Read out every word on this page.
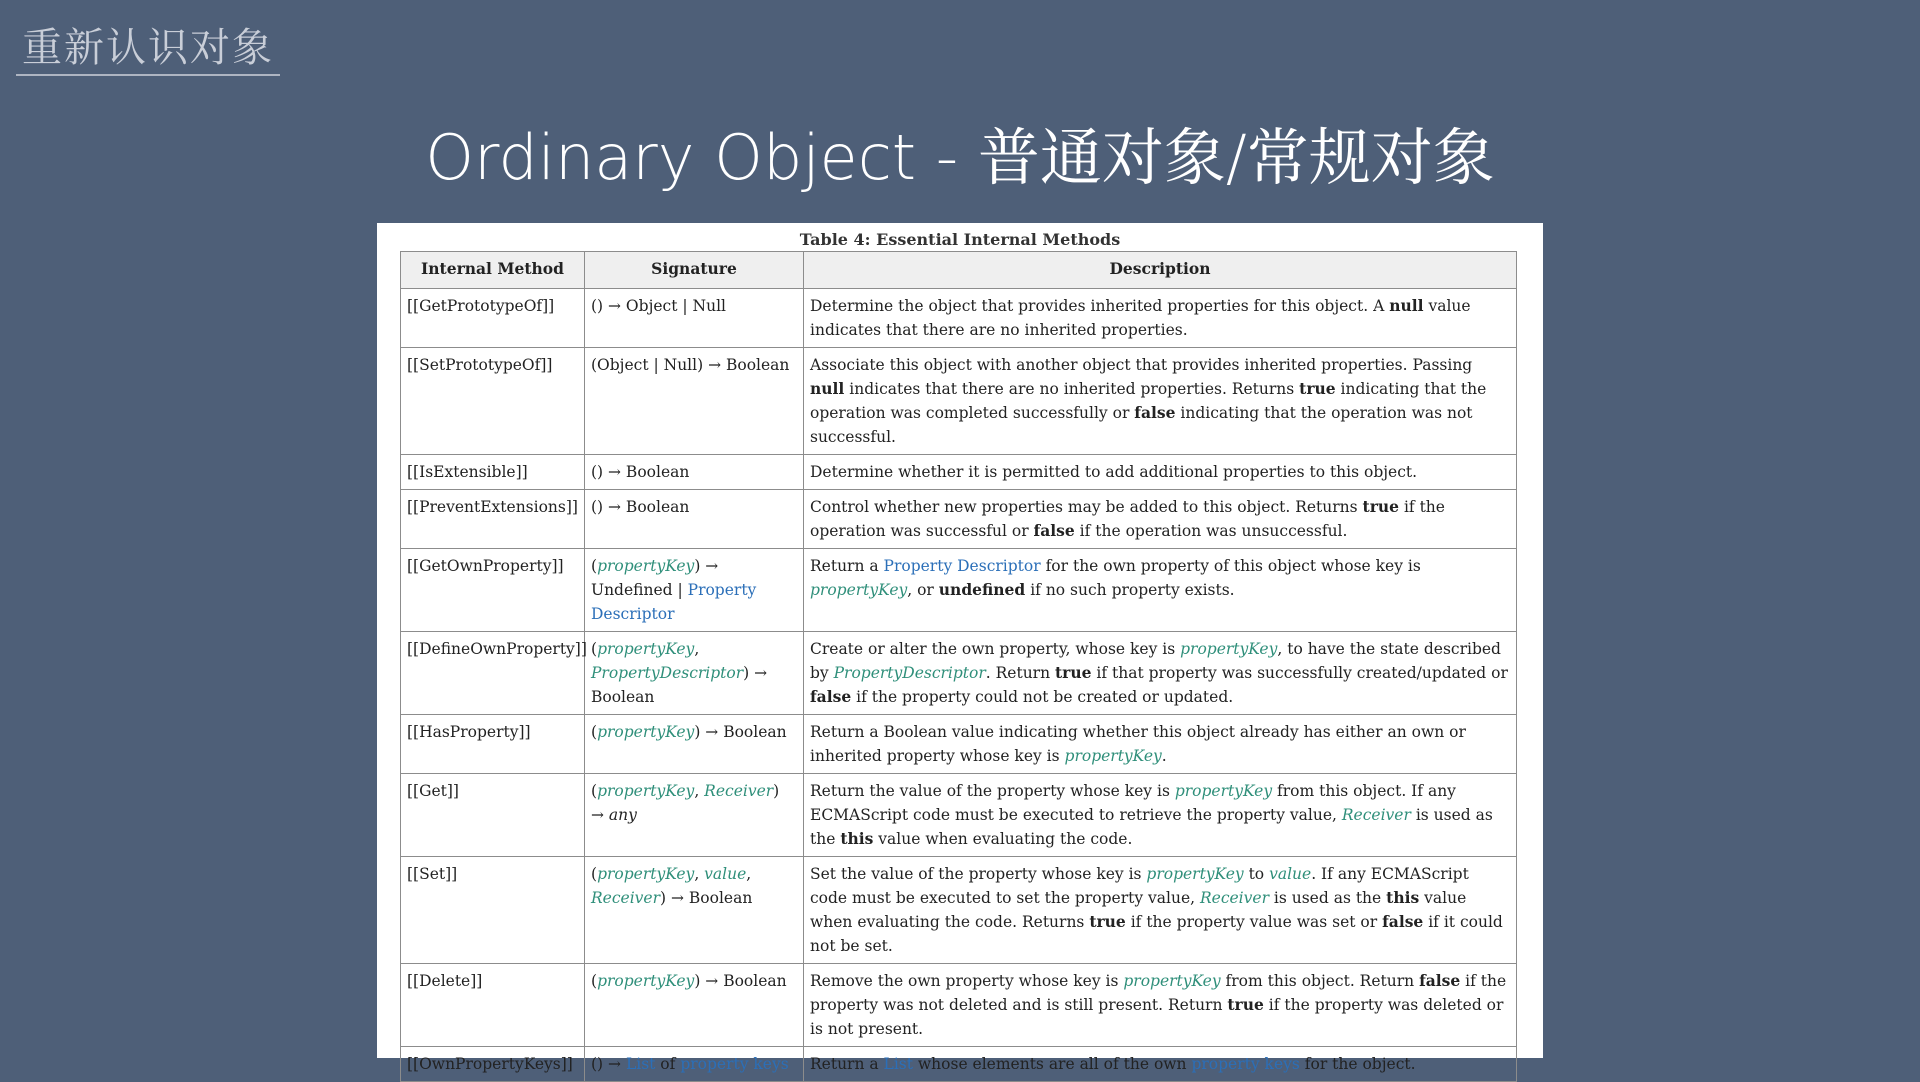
重新认识对象
Ordinary Object - 普通对象/常规对象
Table 4: Essential Internal Methods
Internal Method	Signature	Description
[[GetPrototypeOf]]	() → Object | Null	Determine the object that provides inherited properties for this object. A null value indicates that there are no inherited properties.
[[SetPrototypeOf]]	(Object | Null) → Boolean	Associate this object with another object that provides inherited properties. Passing null indicates that there are no inherited properties. Returns true indicating that the operation was completed successfully or false indicating that the operation was not successful.
[[IsExtensible]]	() → Boolean	Determine whether it is permitted to add additional properties to this object.
[[PreventExtensions]]	() → Boolean	Control whether new properties may be added to this object. Returns true if the operation was successful or false if the operation was unsuccessful.
[[GetOwnProperty]]	(propertyKey) → Undefined | Property Descriptor	Return a Property Descriptor for the own property of this object whose key is propertyKey, or undefined if no such property exists.
[[DefineOwnProperty]]	(propertyKey, PropertyDescriptor) → Boolean	Create or alter the own property, whose key is propertyKey, to have the state described by PropertyDescriptor. Return true if that property was successfully created/updated or false if the property could not be created or updated.
[[HasProperty]]	(propertyKey) → Boolean	Return a Boolean value indicating whether this object already has either an own or inherited property whose key is propertyKey.
[[Get]]	(propertyKey, Receiver) → any	Return the value of the property whose key is propertyKey from this object. If any ECMAScript code must be executed to retrieve the property value, Receiver is used as the this value when evaluating the code.
[[Set]]	(propertyKey, value, Receiver) → Boolean	Set the value of the property whose key is propertyKey to value. If any ECMAScript code must be executed to set the property value, Receiver is used as the this value when evaluating the code. Returns true if the property value was set or false if it could not be set.
[[Delete]]	(propertyKey) → Boolean	Remove the own property whose key is propertyKey from this object. Return false if the property was not deleted and is still present. Return true if the property was deleted or is not present.
[[OwnPropertyKeys]]	() → List of property keys	Return a List whose elements are all of the own property keys for the object.
